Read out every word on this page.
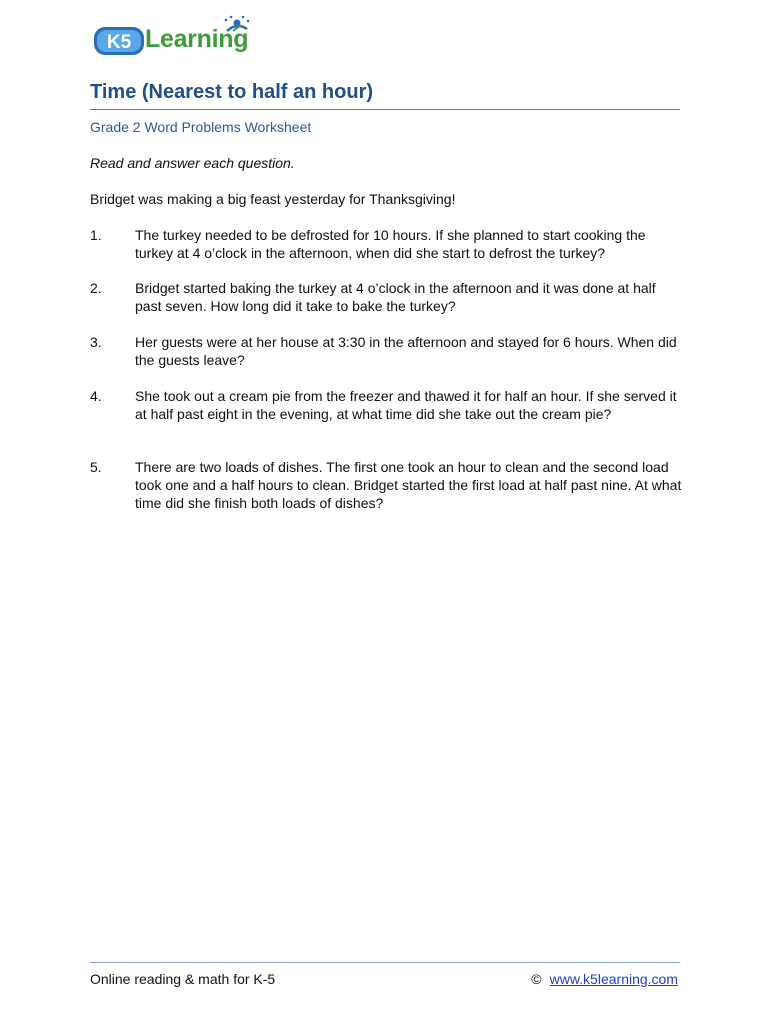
K5 Learning
Time (Nearest to half an hour)
Grade 2 Word Problems Worksheet
Read and answer each question.
Bridget was making a big feast yesterday for Thanksgiving!
1. The turkey needed to be defrosted for 10 hours. If she planned to start cooking the turkey at 4 o’clock in the afternoon, when did she start to defrost the turkey?
2. Bridget started baking the turkey at 4 o’clock in the afternoon and it was done at half past seven. How long did it take to bake the turkey?
3. Her guests were at her house at 3:30 in the afternoon and stayed for 6 hours. When did the guests leave?
4. She took out a cream pie from the freezer and thawed it for half an hour. If she served it at half past eight in the evening, at what time did she take out the cream pie?
5. There are two loads of dishes. The first one took an hour to clean and the second load took one and a half hours to clean. Bridget started the first load at half past nine. At what time did she finish both loads of dishes?
Online reading & math for K-5	© www.k5learning.com
